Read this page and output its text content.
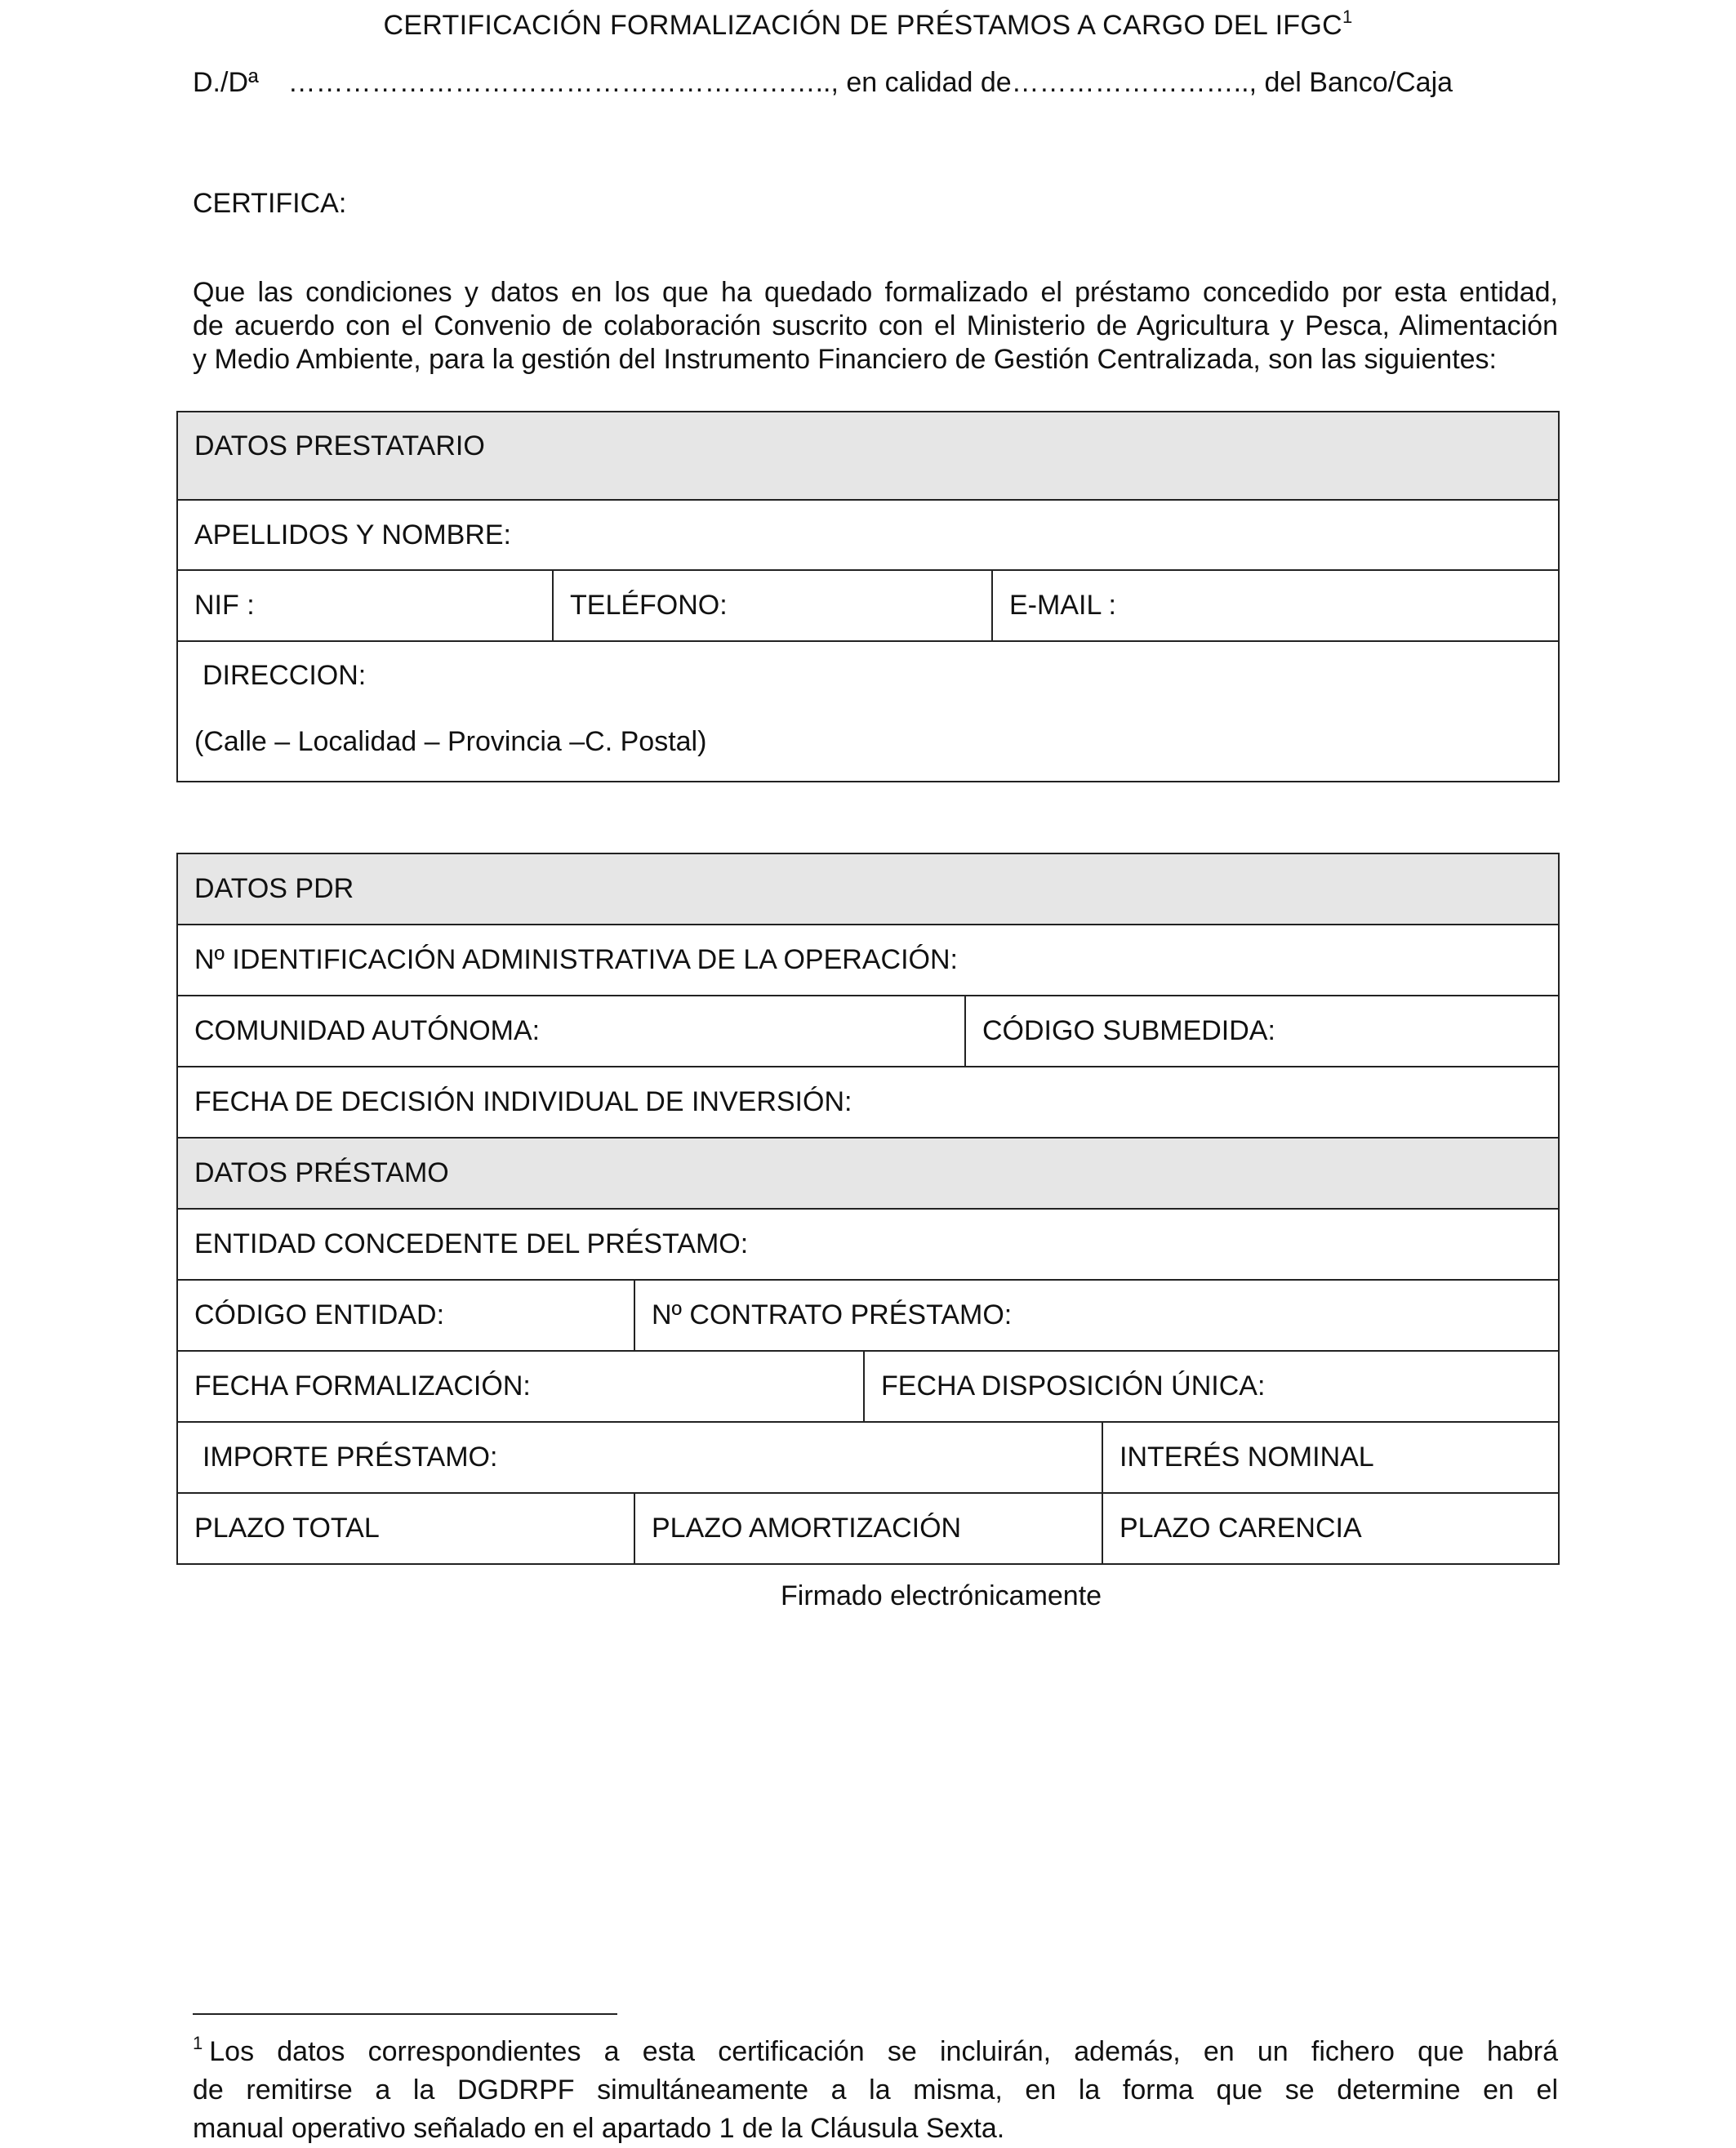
CERTIFICACIÓN FORMALIZACIÓN DE PRÉSTAMOS A CARGO DEL IFGC$^1$
D./Dª ………………………………………………….., en calidad de…………………….., del Banco/Caja
CERTIFICA:
Que las condiciones y datos en los que ha quedado formalizado el préstamo concedido por esta entidad,
de acuerdo con el Convenio de colaboración suscrito con el Ministerio de Agricultura y Pesca, Alimentación
y Medio Ambiente, para la gestión del Instrumento Financiero de Gestión Centralizada, son las siguientes:
DATOS PRESTATARIO
APELLIDOS Y NOMBRE:
NIF :	TELÉFONO:	E-MAIL :
DIRECCION:
(Calle – Localidad – Provincia –C. Postal)
DATOS PDR				
Nº IDENTIFICACIÓN ADMINISTRATIVA DE LA OPERACIÓN:				
COMUNIDAD AUTÓNOMA:			CÓDIGO SUBMEDIDA:	
FECHA DE DECISIÓN INDIVIDUAL DE INVERSIÓN:				
DATOS PRÉSTAMO				
ENTIDAD CONCEDENTE DEL PRÉSTAMO:				
CÓDIGO ENTIDAD:	Nº CONTRATO PRÉSTAMO:			
FECHA FORMALIZACIÓN:		FECHA DISPOSICIÓN ÚNICA:		
IMPORTE PRÉSTAMO:				INTERÉS NOMINAL
PLAZO TOTAL	PLAZO AMORTIZACIÓN			PLAZO CARENCIA
Firmado electrónicamente
$^1$ Los datos correspondientes a esta certificación se incluirán, además, en un fichero que habrá
de remitirse a la DGDRPF simultáneamente a la misma, en la forma que se determine en el
manual operativo señalado en el apartado 1 de la Cláusula Sexta.
